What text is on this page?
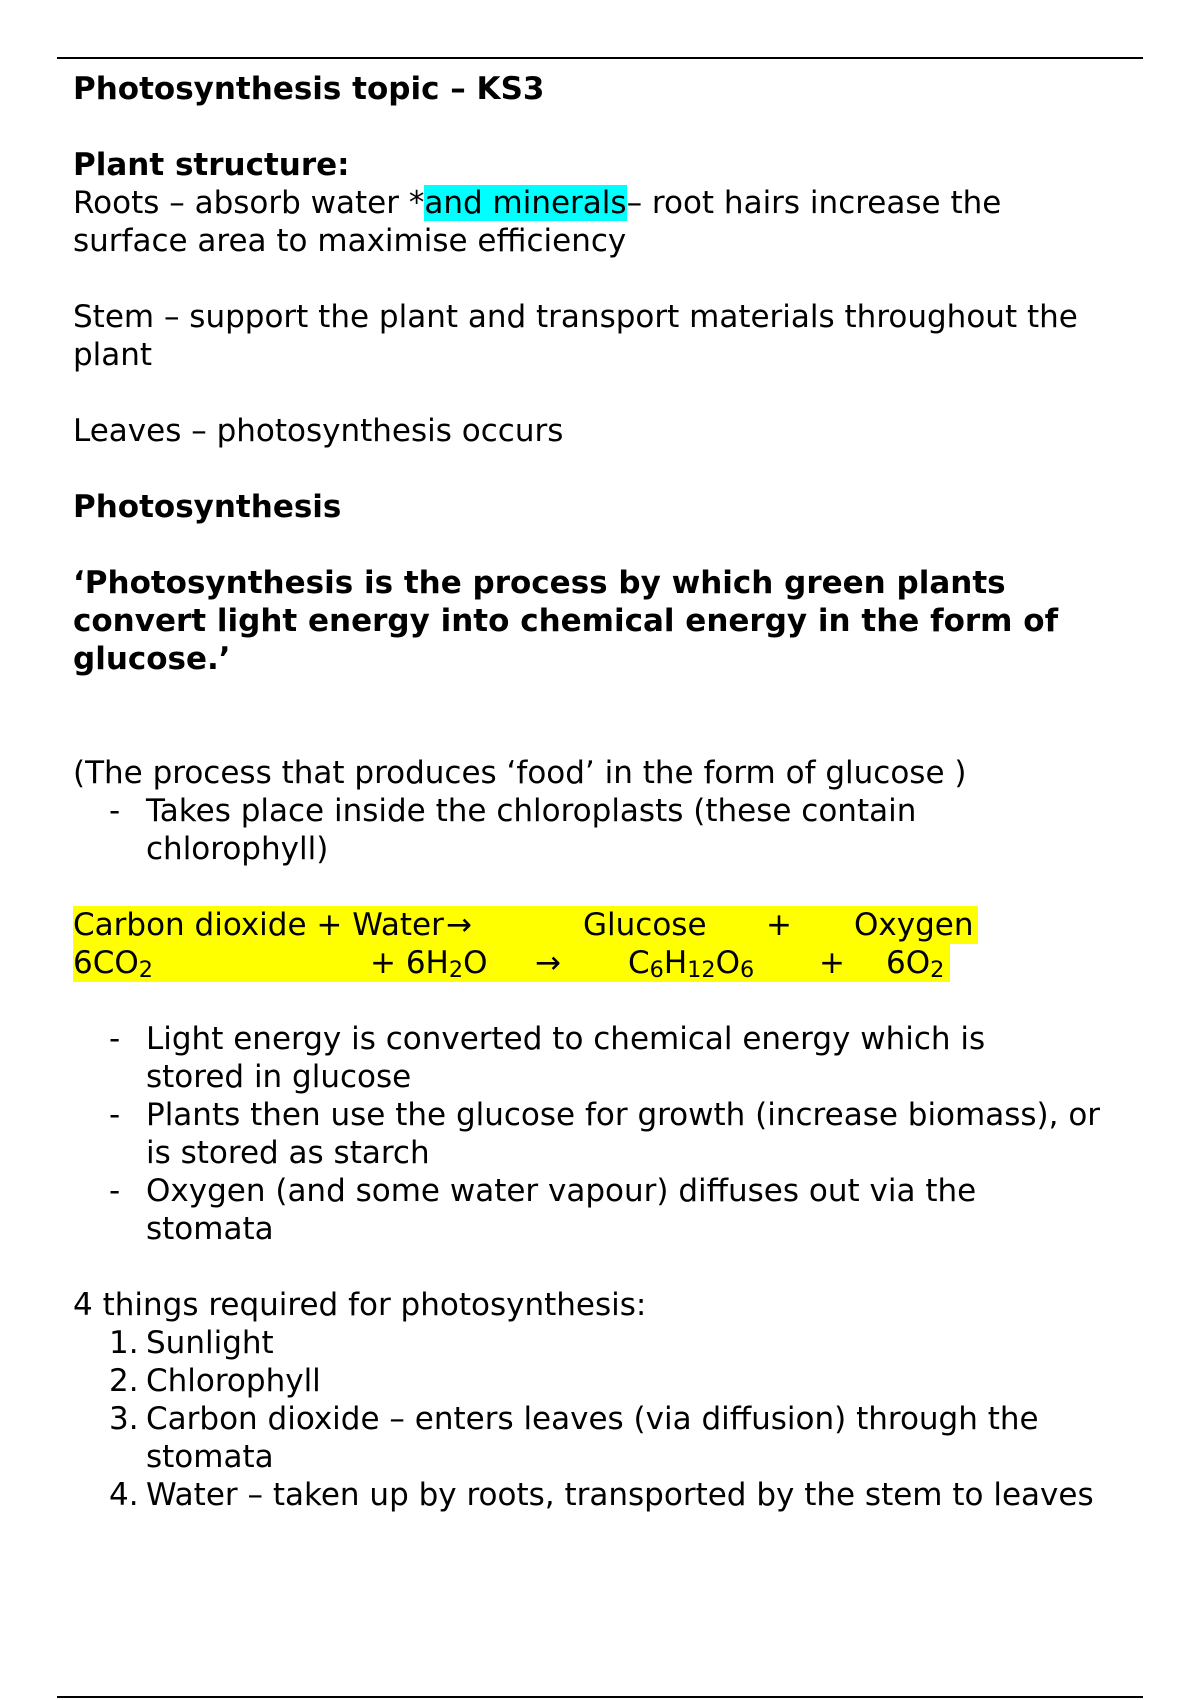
Photosynthesis topic – KS3

Plant structure:

Roots – absorb water *and minerals– root hairs increase the surface area to maximise efficiency

Stem – support the plant and transport materials throughout the plant

Leaves – photosynthesis occurs

Photosynthesis

‘Photosynthesis is the process by which green plants convert light energy into chemical energy in the form of glucose.’

(The process that produces ‘food’ in the form of glucose )

- Takes place inside the chloroplasts (these contain chlorophyll)
Carbon dioxide + Water →	Glucose + Oxygen
$6CO_2$	+ $6H_2O \to C_6H_{12}O_6 + 6O_2$
- Light energy is converted to chemical energy which is stored in glucose
- Plants then use the glucose for growth (increase biomass), or is stored as starch
- Oxygen (and some water vapour) diffuses out via the stomata

4 things required for photosynthesis:

1. Sunlight
2. Chlorophyll
3. Carbon dioxide – enters leaves (via diffusion) through the stomata
4. Water – taken up by roots, transported by the stem to leaves
